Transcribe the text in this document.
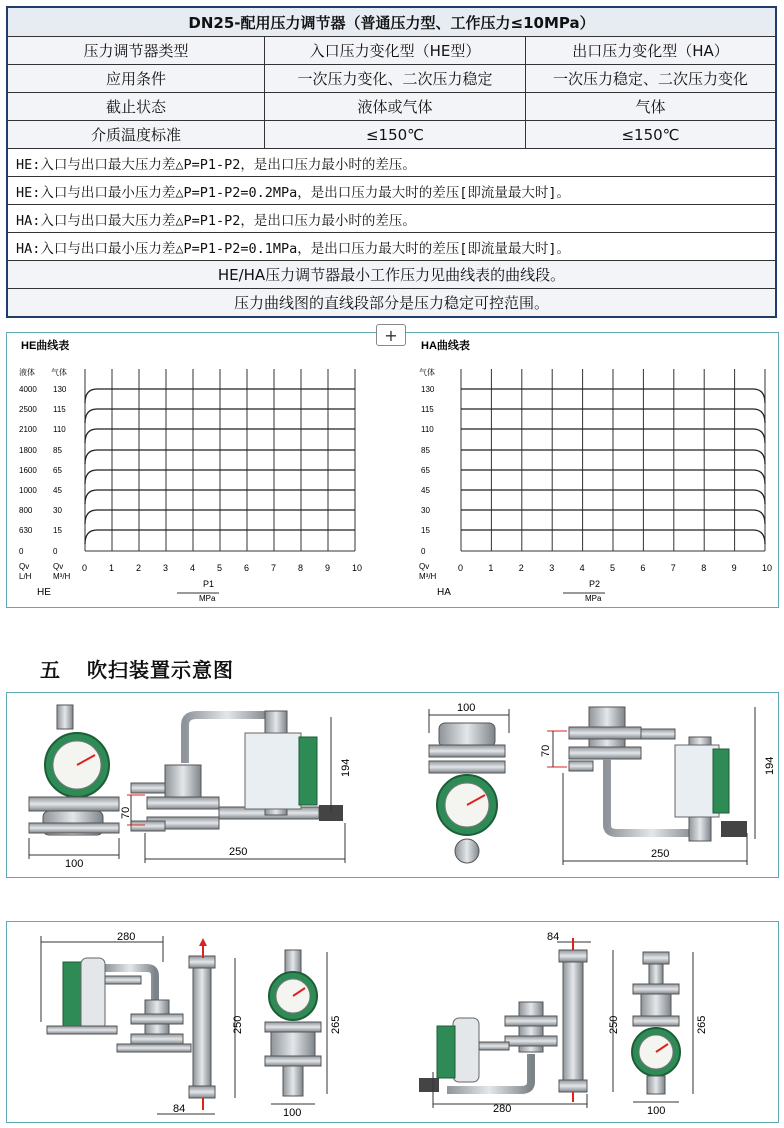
DN25-配用压力调节器（普通压力型、工作压力≤10MPa）		
压力调节器类型	入口压力变化型（HE型）	出口压力变化型（HA）
应用条件	一次压力变化、二次压力稳定	一次压力稳定、二次压力变化
截止状态	液体或气体	气体
介质温度标准	≤150℃	≤150℃
HE:入口与出口最大压力差△P=P1-P2，是出口压力最小时的差压。		
HE:入口与出口最小压力差△P=P1-P2=0.2MPa，是出口压力最大时的差压[即流量最大时]。		
HA:入口与出口最大压力差△P=P1-P2，是出口压力最小时的差压。		
HA:入口与出口最小压力差△P=P1-P2=0.1MPa，是出口压力最大时的差压[即流量最大时]。		
HE/HA压力调节器最小工作压力见曲线表的曲线段。		
压力曲线图的直线段部分是压力稳定可控范围。		
HE曲线表
液体 气体
0 1 2 3 4 5 6 7 8 9 10
4000 130
2500 115
2100 110
1800 85
1600 65
1000 45
800	30
630	15
0	0
Qv
L/H
Qv
M³/H
HE
P1
MPa
HA曲线表
气体
0	1	2	3	4	5	6	7	8	9	10
130
115
110
85
65
45
30
15
0
Qv
M³/H
HA
P2
MPa
+
五 吹扫装置示意图
100
70
194
250
100
70
194
250
280
250
84
265
100
84
250
280
265
100
